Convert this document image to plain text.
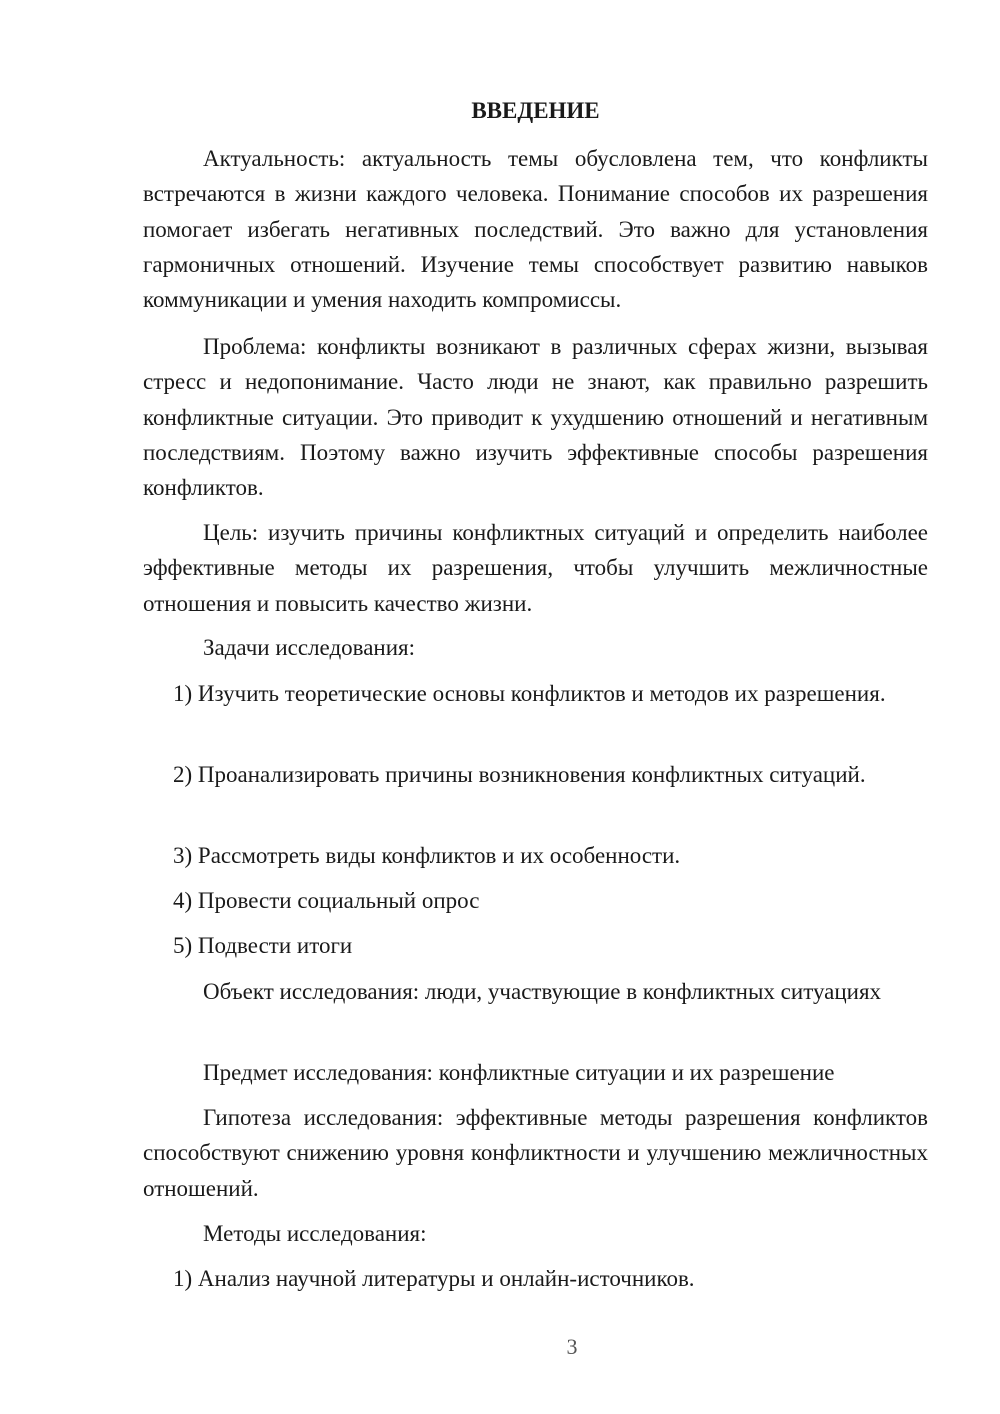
ВВЕДЕНИЕ
Актуальность: актуальность темы обусловлена тем, что конфликты встречаются в жизни каждого человека. Понимание способов их разрешения помогает избегать негативных последствий. Это важно для установления гармоничных отношений. Изучение темы способствует развитию навыков коммуникации и умения находить компромиссы.
Проблема: конфликты возникают в различных сферах жизни, вызывая стресс и недопонимание. Часто люди не знают, как правильно разрешить конфликтные ситуации. Это приводит к ухудшению отношений и негативным последствиям. Поэтому важно изучить эффективные способы разрешения конфликтов.
Цель: изучить причины конфликтных ситуаций и определить наиболее эффективные методы их разрешения, чтобы улучшить межличностные отношения и повысить качество жизни.
Задачи исследования:
1) Изучить теоретические основы конфликтов и методов их разрешения.
2) Проанализировать причины возникновения конфликтных ситуаций.
3) Рассмотреть виды конфликтов и их особенности.
4) Провести социальный опрос
5) Подвести итоги
Объект исследования: люди, участвующие в конфликтных ситуациях
Предмет исследования: конфликтные ситуации и их разрешение
Гипотеза исследования: эффективные методы разрешения конфликтов способствуют снижению уровня конфликтности и улучшению межличностных отношений.
Методы исследования:
1) Анализ научной литературы и онлайн-источников.
3
